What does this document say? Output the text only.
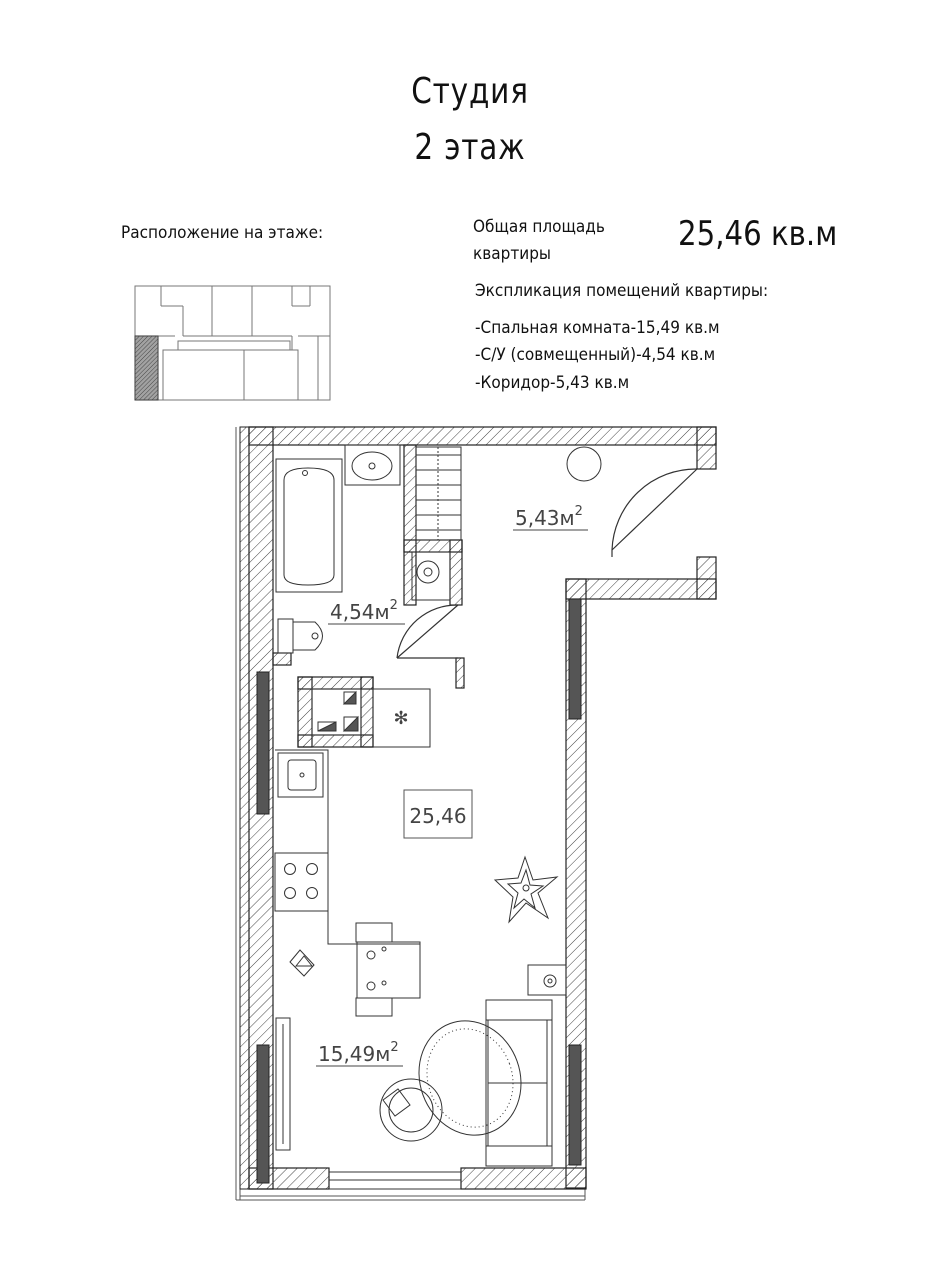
Студия
2 этаж
Расположение на этаже:	Общая площадь
квартиры	25,46 кв.м
Экспликация помещений квартиры:
-Спальная комната-15,49 кв.м
-С/У (совмещенный)-4,54 кв.м
-Коридор-5,43 кв.м
✻
25,46
$5,43м^2$
$4,54м^2$
$15,49м^2$
